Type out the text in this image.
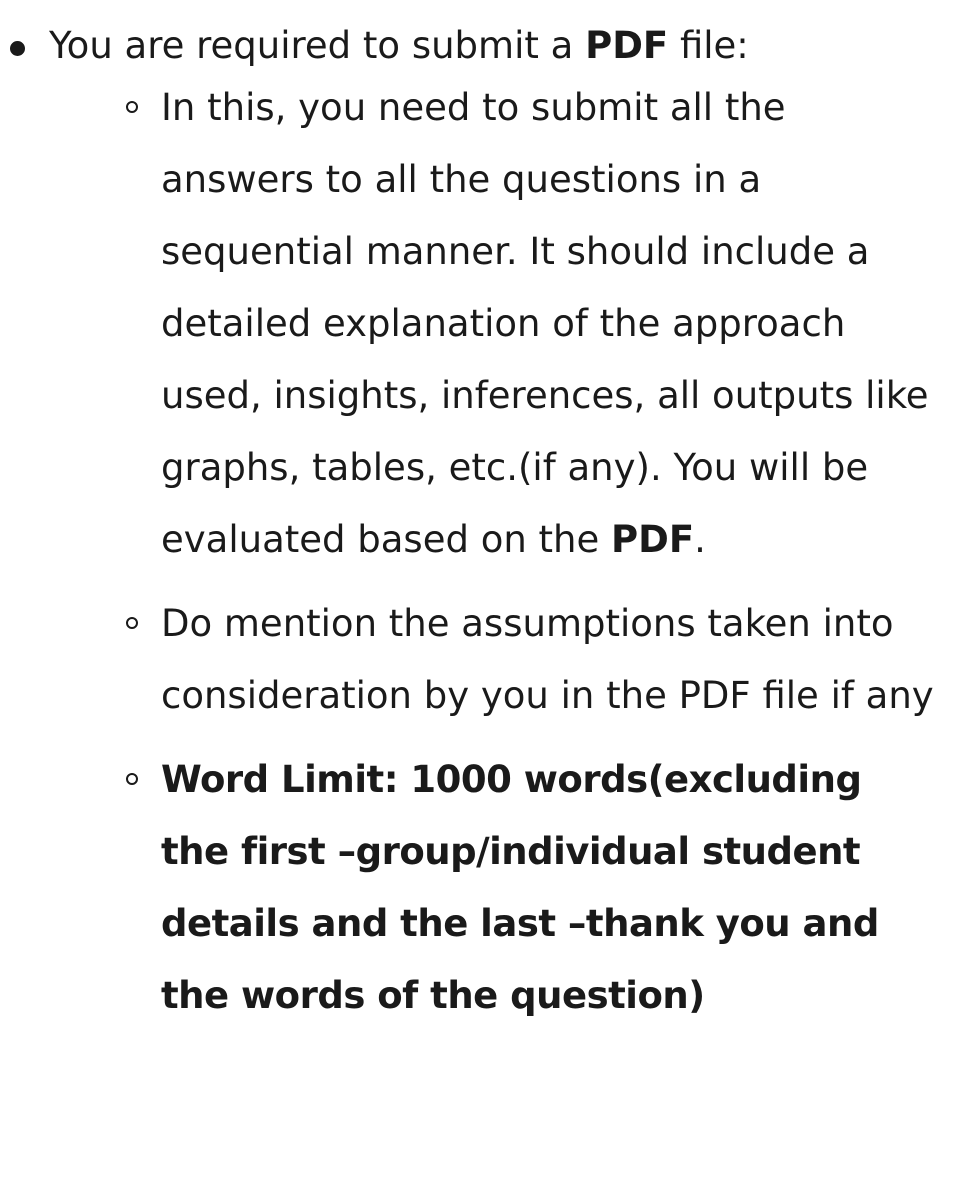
You are required to submit a PDF file:
In this, you need to submit all the answers to all the questions in a sequential manner. It should include a detailed explanation of the approach used, insights, inferences, all outputs like graphs, tables, etc.(if any). You will be evaluated based on the PDF.
Do mention the assumptions taken into consideration by you in the PDF file if any
Word Limit: 1000 words(excluding the first –group/individual student details and the last –thank you and the words of the question)
